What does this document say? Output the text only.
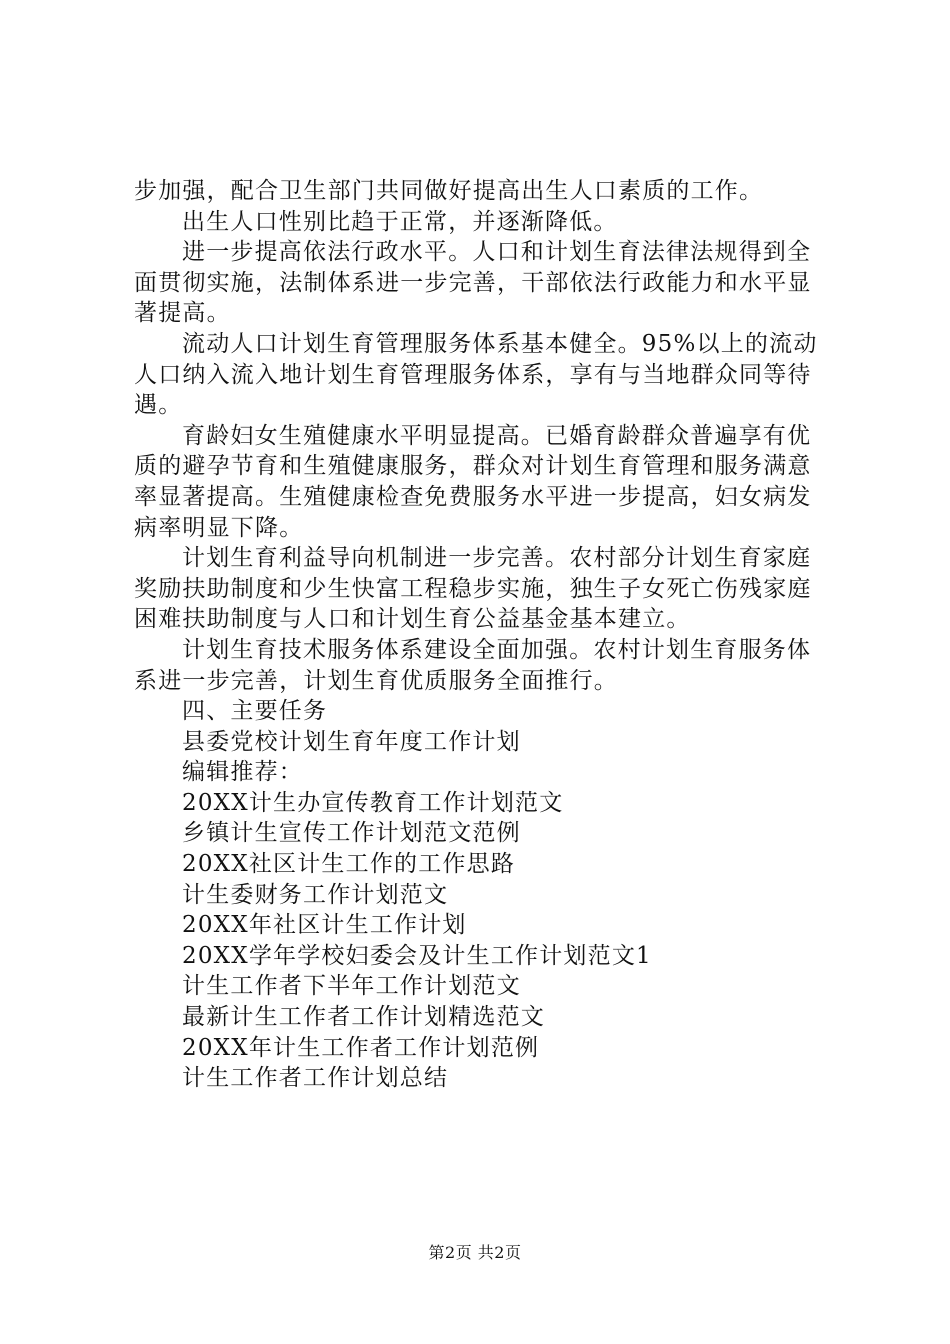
步加强，配合卫生部门共同做好提高出生人口素质的工作。

出生人口性别比趋于正常，并逐渐降低。

进一步提高依法行政水平。人口和计划生育法律法规得到全面贯彻实施，法制体系进一步完善，干部依法行政能力和水平显著提高。

流动人口计划生育管理服务体系基本健全。95%以上的流动人口纳入流入地计划生育管理服务体系，享有与当地群众同等待遇。

育龄妇女生殖健康水平明显提高。已婚育龄群众普遍享有优质的避孕节育和生殖健康服务，群众对计划生育管理和服务满意率显著提高。生殖健康检查免费服务水平进一步提高，妇女病发病率明显下降。

计划生育利益导向机制进一步完善。农村部分计划生育家庭奖励扶助制度和少生快富工程稳步实施，独生子女死亡伤残家庭困难扶助制度与人口和计划生育公益基金基本建立。

计划生育技术服务体系建设全面加强。农村计划生育服务体系进一步完善，计划生育优质服务全面推行。

四、主要任务

县委党校计划生育年度工作计划

编辑推荐：

20XX计生办宣传教育工作计划范文
乡镇计生宣传工作计划范文范例
20XX社区计生工作的工作思路
计生委财务工作计划范文
20XX年社区计生工作计划
20XX学年学校妇委会及计生工作计划范文1
计生工作者下半年工作计划范文
最新计生工作者工作计划精选范文
20XX年计生工作者工作计划范例
计生工作者工作计划总结
第2页 共2页
